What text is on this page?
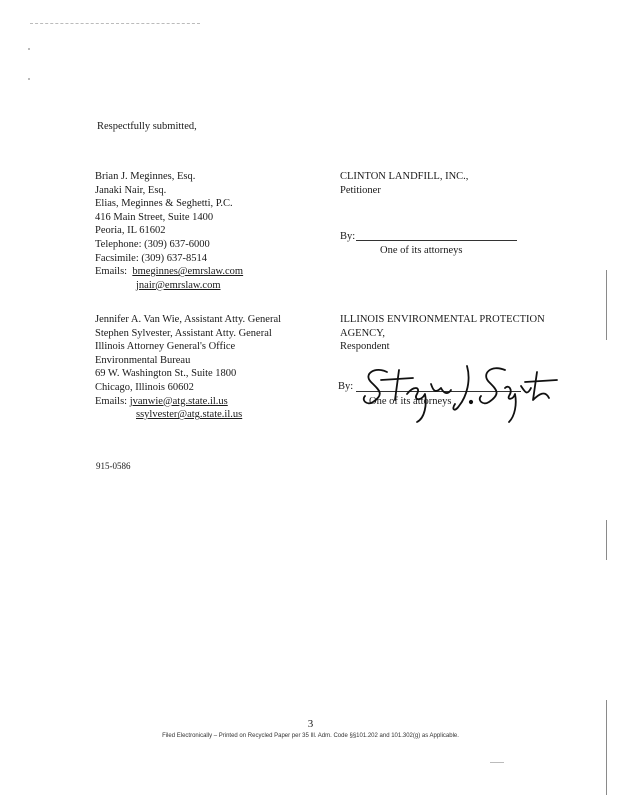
Respectfully submitted,
Brian J. Meginnes, Esq.
Janaki Nair, Esq.
Elias, Meginnes & Seghetti, P.C.
416 Main Street, Suite 1400
Peoria, IL 61602
Telephone: (309) 637-6000
Facsimile: (309) 637-8514
Emails: bmeginnes@emrslaw.com
jnair@emrslaw.com
CLINTON LANDFILL, INC.,
Petitioner
By:
One of its attorneys
Jennifer A. Van Wie, Assistant Atty. General
Stephen Sylvester, Assistant Atty. General
Illinois Attorney General's Office
Environmental Bureau
69 W. Washington St., Suite 1800
Chicago, Illinois 60602
Emails: jvanwie@atg.state.il.us
ssylvester@atg.state.il.us
ILLINOIS ENVIRONMENTAL PROTECTION
AGENCY,
Respondent
By:
One of its attorneys
915-0586
3
Filed Electronically – Printed on Recycled Paper per 35 Ill. Adm. Code §§101.202 and 101.302(g) as Applicable.
